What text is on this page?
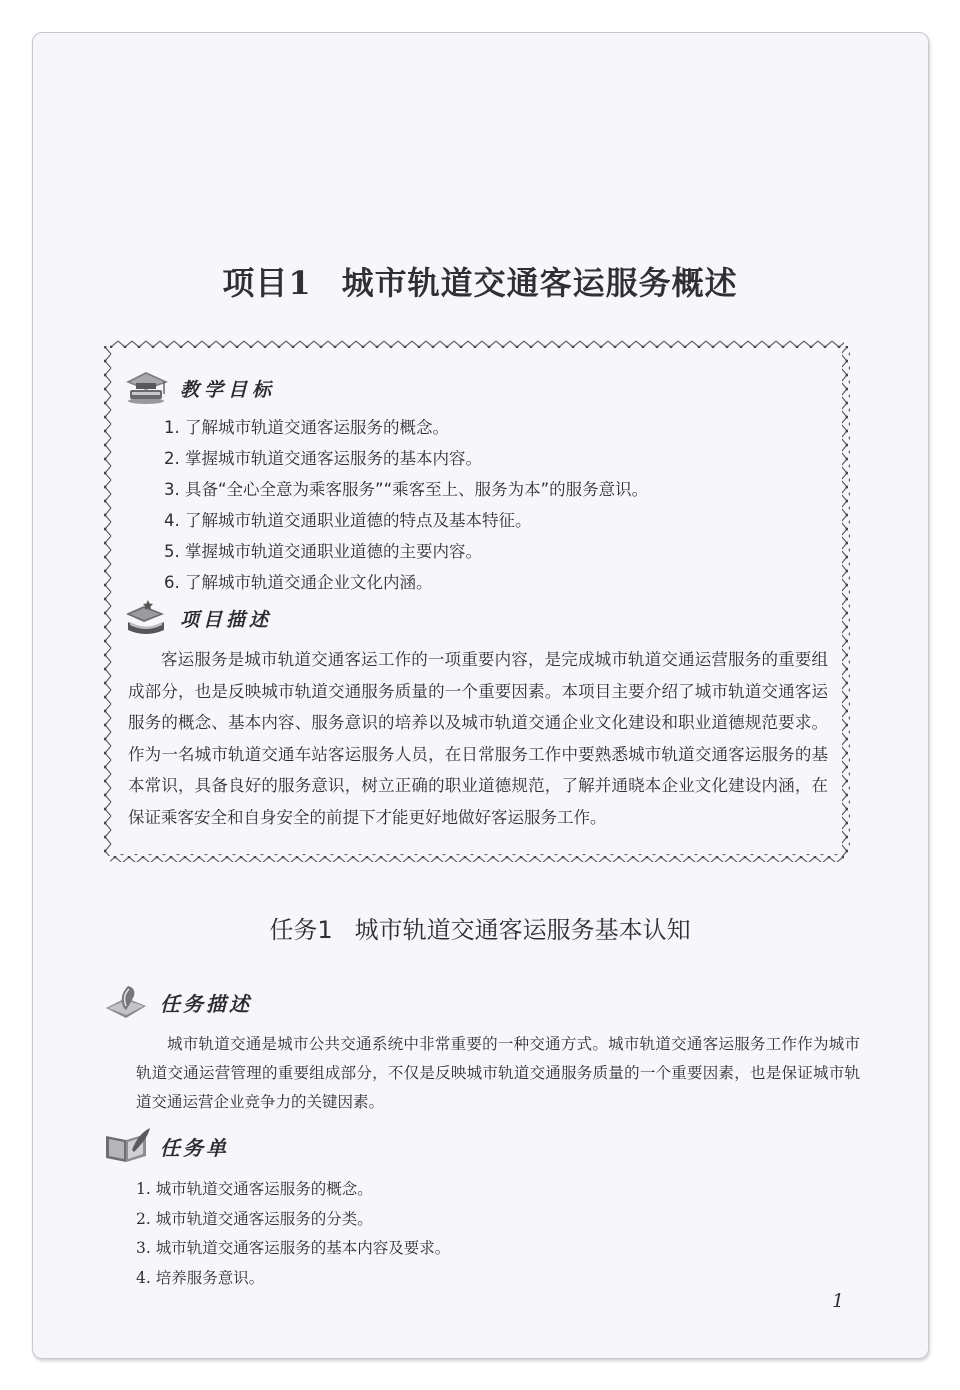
项目1 城市轨道交通客运服务概述
教学目标
1. 了解城市轨道交通客运服务的概念。
2. 掌握城市轨道交通客运服务的基本内容。
3. 具备“全心全意为乘客服务”“乘客至上、服务为本”的服务意识。
4. 了解城市轨道交通职业道德的特点及基本特征。
5. 掌握城市轨道交通职业道德的主要内容。
6. 了解城市轨道交通企业文化内涵。
项目描述

客运服务是城市轨道交通客运工作的一项重要内容，是完成城市轨道交通运营服务的重要组成部分，也是反映城市轨道交通服务质量的一个重要因素。本项目主要介绍了城市轨道交通客运服务的概念、基本内容、服务意识的培养以及城市轨道交通企业文化建设和职业道德规范要求。作为一名城市轨道交通车站客运服务人员，在日常服务工作中要熟悉城市轨道交通客运服务的基本常识，具备良好的服务意识，树立正确的职业道德规范，了解并通晓本企业文化建设内涵，在保证乘客安全和自身安全的前提下才能更好地做好客运服务工作。

任务1 城市轨道交通客运服务基本认知
任务描述

城市轨道交通是城市公共交通系统中非常重要的一种交通方式。城市轨道交通客运服务工作作为城市轨道交通运营管理的重要组成部分，不仅是反映城市轨道交通服务质量的一个重要因素，也是保证城市轨道交通运营企业竞争力的关键因素。

任务单
1. 城市轨道交通客运服务的概念。
2. 城市轨道交通客运服务的分类。
3. 城市轨道交通客运服务的基本内容及要求。
4. 培养服务意识。
1
